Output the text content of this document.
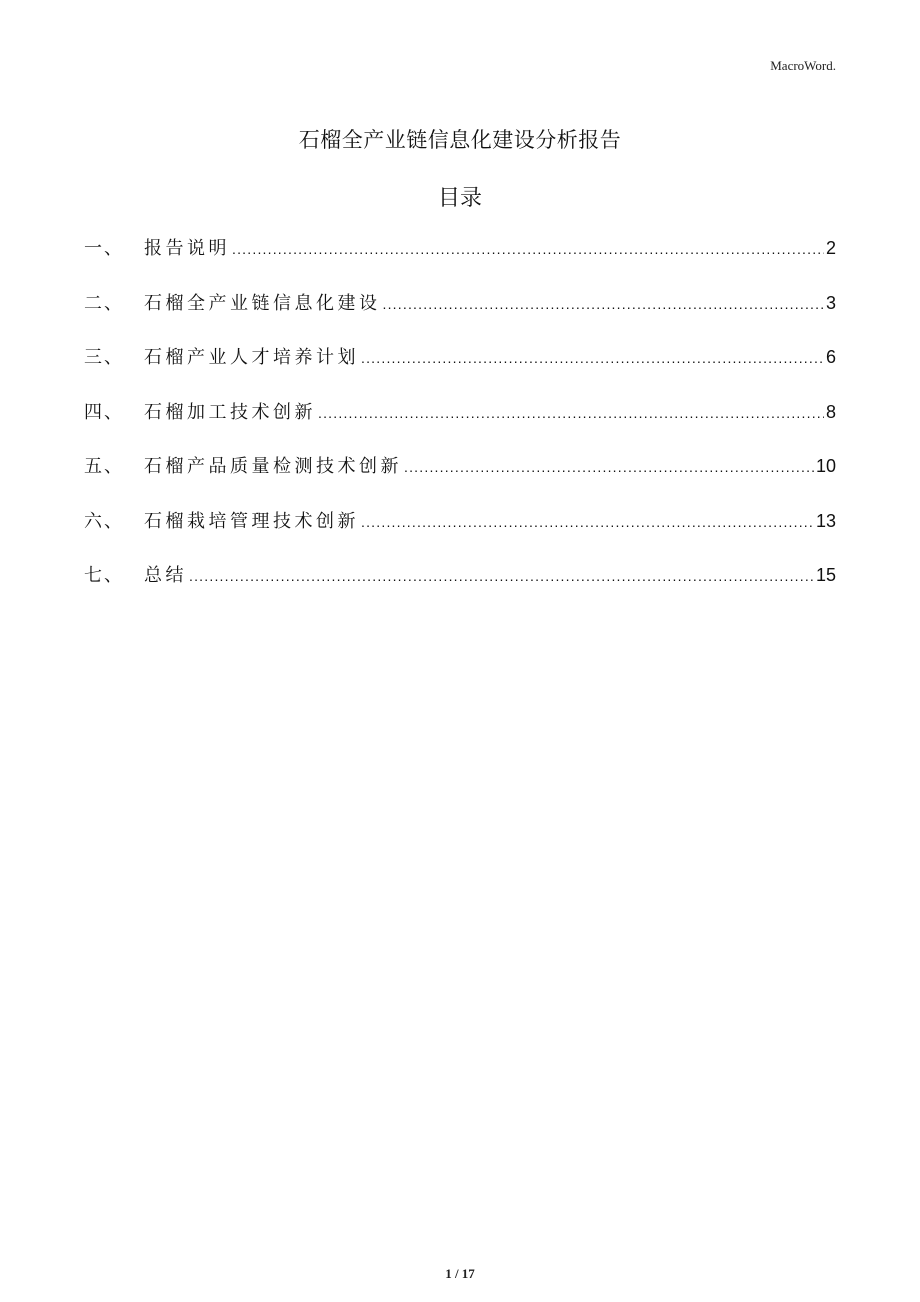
MacroWord.
石榴全产业链信息化建设分析报告
目录
一、	报告说明 .....	2
二、	石榴全产业链信息化建设 .....	3
三、	石榴产业人才培养计划 .....	6
四、	石榴加工技术创新 .....	8
五、	石榴产品质量检测技术创新 .....	10
六、	石榴栽培管理技术创新 .....	13
七、	总结 .....	15
1 / 17
